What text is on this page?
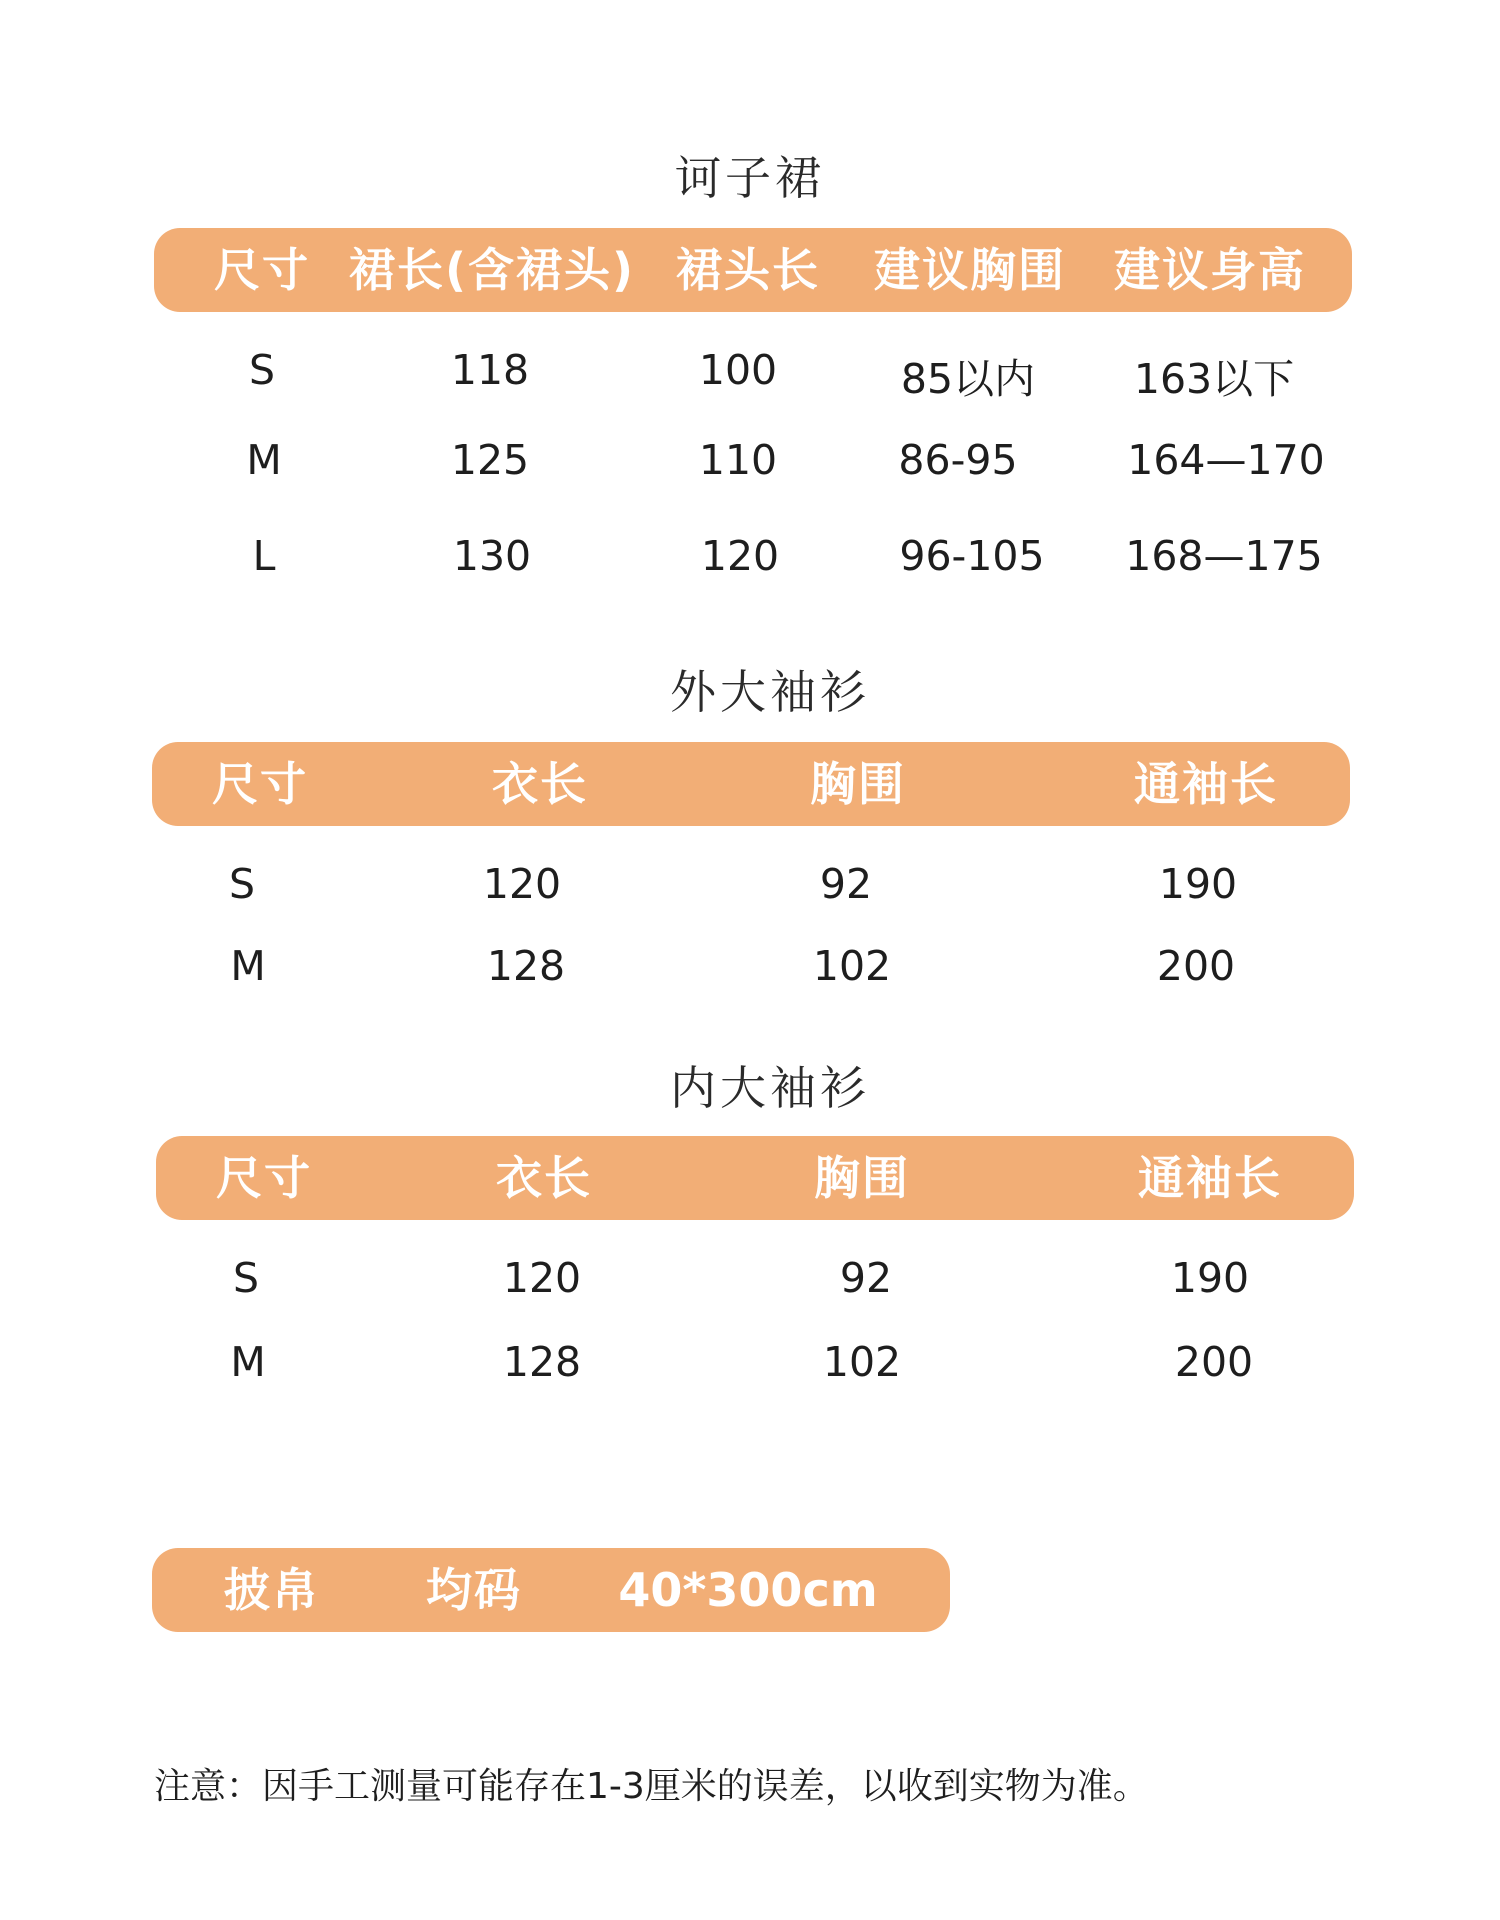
诃子裙
尺寸 裙长(含裙头) 裙头长 建议胸围 建议身高
S	118	100	85以内 163以下
M	125	110	86-95	164—170
L	130	120	96-105 168—175
外大袖衫
尺寸	衣长	胸围	通袖长
S	120	92	190
M	128	102	200
内大袖衫
尺寸	衣长	胸围	通袖长
S	120	92	190
M	128	102	200
披帛 均码 40*300cm
注意：因手工测量可能存在1-3厘米的误差，以收到实物为准。
